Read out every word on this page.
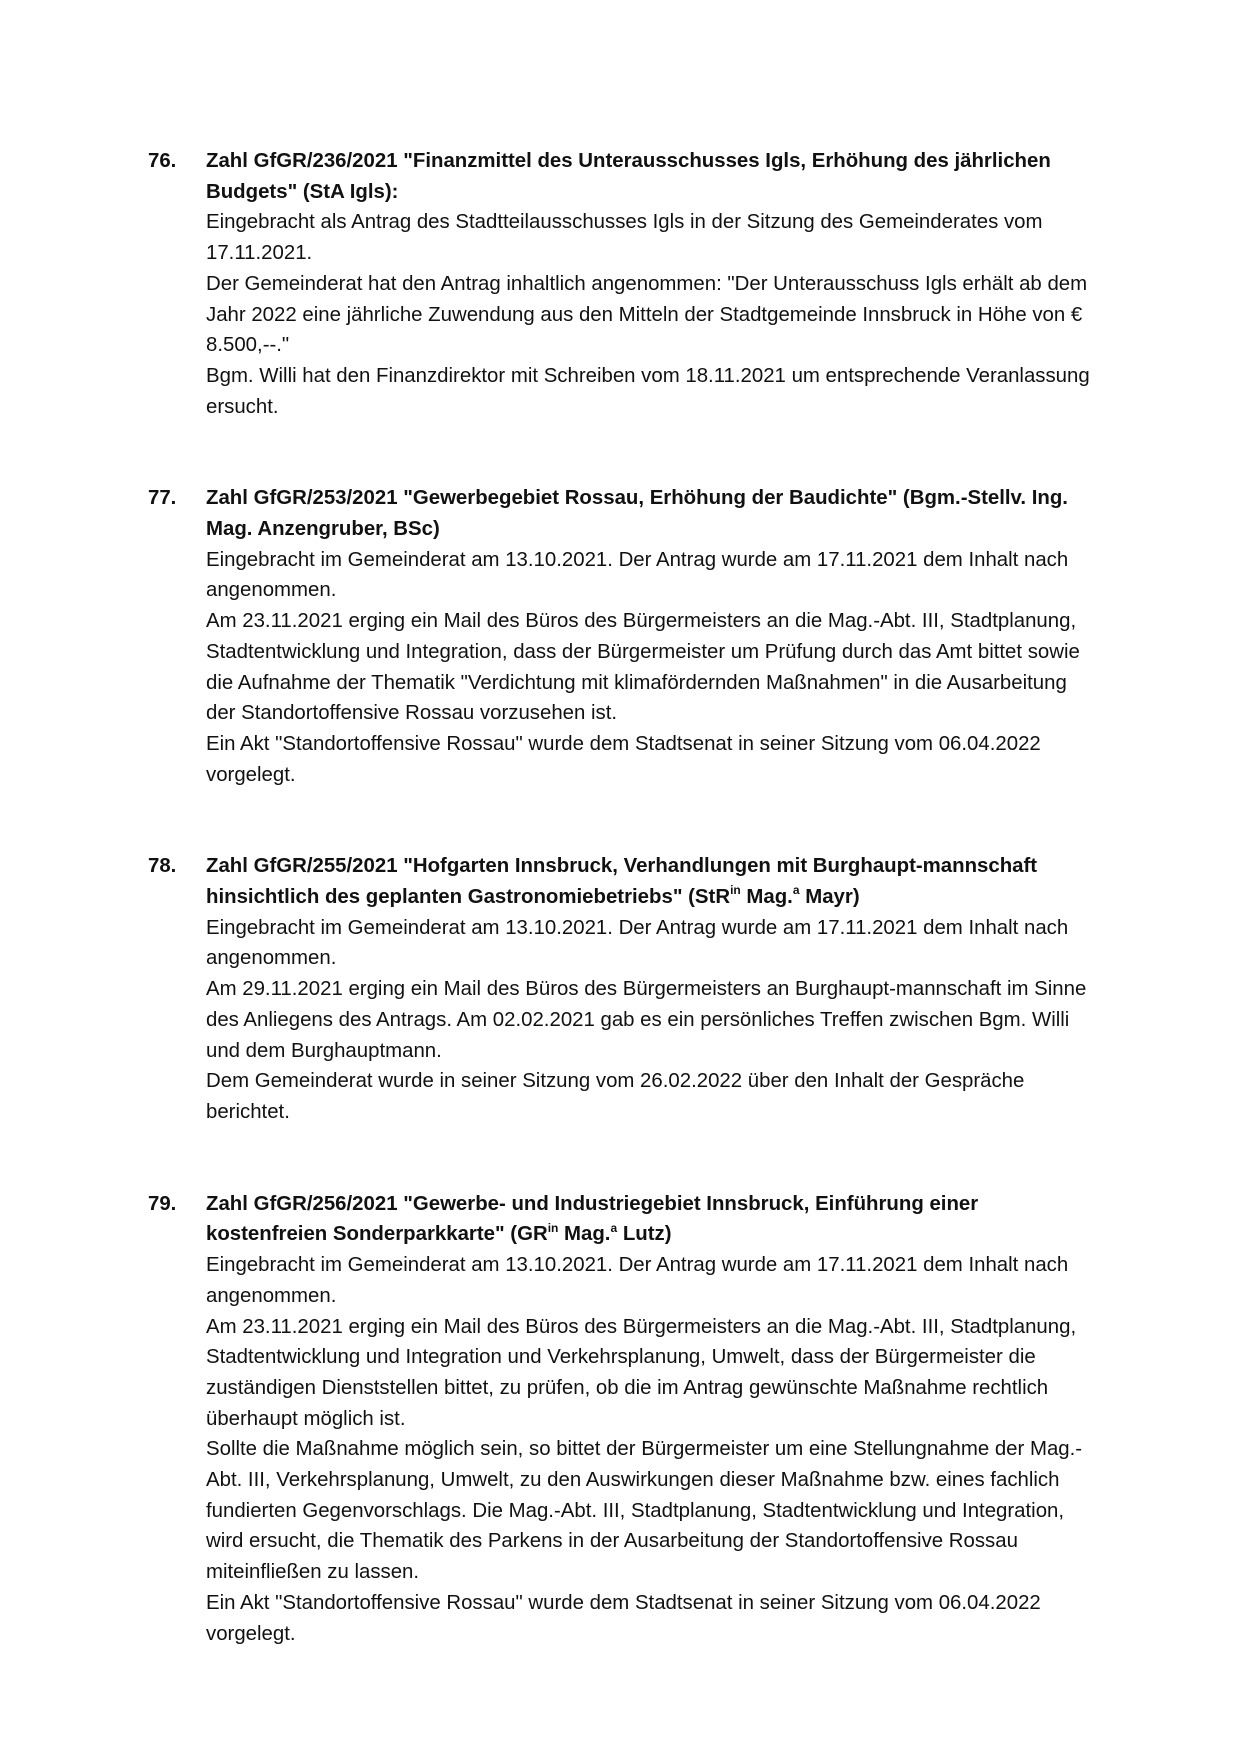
76. Zahl GfGR/236/2021 "Finanzmittel des Unterausschusses Igls, Erhöhung des jährlichen Budgets" (StA Igls):

Eingebracht als Antrag des Stadtteilausschusses Igls in der Sitzung des Gemeinderates vom 17.11.2021.

Der Gemeinderat hat den Antrag inhaltlich angenommen: "Der Unterausschuss Igls erhält ab dem Jahr 2022 eine jährliche Zuwendung aus den Mitteln der Stadtgemeinde Innsbruck in Höhe von € 8.500,--."

Bgm. Willi hat den Finanzdirektor mit Schreiben vom 18.11.2021 um entsprechende Veranlassung ersucht.

77. Zahl GfGR/253/2021 "Gewerbegebiet Rossau, Erhöhung der Baudichte" (Bgm.-Stellv. Ing. Mag. Anzengruber, BSc)

Eingebracht im Gemeinderat am 13.10.2021. Der Antrag wurde am 17.11.2021 dem Inhalt nach angenommen.

Am 23.11.2021 erging ein Mail des Büros des Bürgermeisters an die Mag.-Abt. III, Stadtplanung, Stadtentwicklung und Integration, dass der Bürgermeister um Prüfung durch das Amt bittet sowie die Aufnahme der Thematik "Verdichtung mit klimafördernden Maßnahmen" in die Ausarbeitung der Standortoffensive Rossau vorzusehen ist.

Ein Akt "Standortoffensive Rossau" wurde dem Stadtsenat in seiner Sitzung vom 06.04.2022 vorgelegt.

78. Zahl GfGR/255/2021 "Hofgarten Innsbruck, Verhandlungen mit Burghaupt-mannschaft hinsichtlich des geplanten Gastronomiebetriebs" (StR$^{in}$ Mag.$^a$ Mayr)

Eingebracht im Gemeinderat am 13.10.2021. Der Antrag wurde am 17.11.2021 dem Inhalt nach angenommen.

Am 29.11.2021 erging ein Mail des Büros des Bürgermeisters an Burghaupt-mannschaft im Sinne des Anliegens des Antrags. Am 02.02.2021 gab es ein persönliches Treffen zwischen Bgm. Willi und dem Burghauptmann.

Dem Gemeinderat wurde in seiner Sitzung vom 26.02.2022 über den Inhalt der Gespräche berichtet.

79. Zahl GfGR/256/2021 "Gewerbe- und Industriegebiet Innsbruck, Einführung einer kostenfreien Sonderparkkarte" ($GR^{in}$ Mag.$^a$ Lutz)

Eingebracht im Gemeinderat am 13.10.2021. Der Antrag wurde am 17.11.2021 dem Inhalt nach angenommen.

Am 23.11.2021 erging ein Mail des Büros des Bürgermeisters an die Mag.-Abt. III, Stadtplanung, Stadtentwicklung und Integration und Verkehrsplanung, Umwelt, dass der Bürgermeister die zuständigen Dienststellen bittet, zu prüfen, ob die im Antrag gewünschte Maßnahme rechtlich überhaupt möglich ist.

Sollte die Maßnahme möglich sein, so bittet der Bürgermeister um eine Stellungnahme der Mag.-Abt. III, Verkehrsplanung, Umwelt, zu den Auswirkungen dieser Maßnahme bzw. eines fachlich fundierten Gegenvorschlags. Die Mag.-Abt. III, Stadtplanung, Stadtentwicklung und Integration, wird ersucht, die Thematik des Parkens in der Ausarbeitung der Standortoffensive Rossau miteinfließen zu lassen.

Ein Akt "Standortoffensive Rossau" wurde dem Stadtsenat in seiner Sitzung vom 06.04.2022 vorgelegt.
